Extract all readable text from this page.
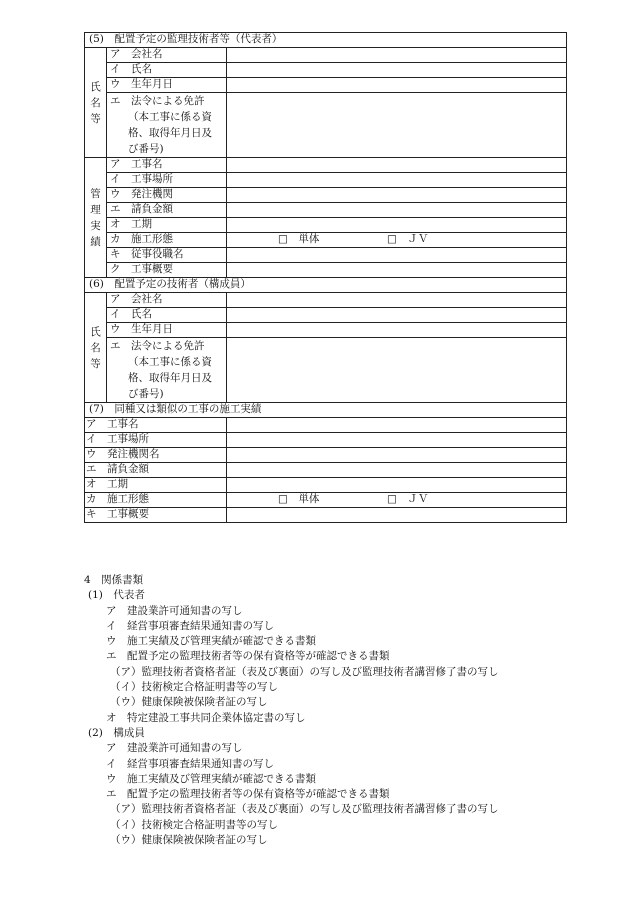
(5)　配置予定の監理技術者等（代表者）		

氏名等	ア　会社名	
	イ　氏名	
	ウ　生年月日	

	エ　法令による免許
（本工事に係る資
格、取得年月日及
び番号)	

管理実績	ア　工事名	
	イ　工事場所	
	ウ　発注機関	
	エ　請負金額	
	オ　工期	
	カ　施工形態	□　単体 □　ＪＶ

	キ　従事役職名	
	ク　工事概要	
(6)　配置予定の技術者（構成員）		

氏名等	ア　会社名	
	イ　氏名	
	ウ　生年月日	

	エ　法令による免許
（本工事に係る資
格、取得年月日及
び番号)	

(7)　同種又は類似の工事の施工実績		
ア　工事名		
イ　工事場所		
ウ　発注機関名		
エ　請負金額		
オ　工期		
カ　施工形態		□　単体 □　ＪＶ

キ　工事概要		
4　関係書類
(1)　代表者
ア　建設業許可通知書の写し
イ　経営事項審査結果通知書の写し
ウ　施工実績及び管理実績が確認できる書類
エ　配置予定の監理技術者等の保有資格等が確認できる書類
（ア）監理技術者資格者証（表及び裏面）の写し及び監理技術者講習修了書の写し
（イ）技術検定合格証明書等の写し
（ウ）健康保険被保険者証の写し
オ　特定建設工事共同企業体協定書の写し
(2)　構成員
ア　建設業許可通知書の写し
イ　経営事項審査結果通知書の写し
ウ　施工実績及び管理実績が確認できる書類
エ　配置予定の監理技術者等の保有資格等が確認できる書類
（ア）監理技術者資格者証（表及び裏面）の写し及び監理技術者講習修了書の写し
（イ）技術検定合格証明書等の写し
（ウ）健康保険被保険者証の写し
